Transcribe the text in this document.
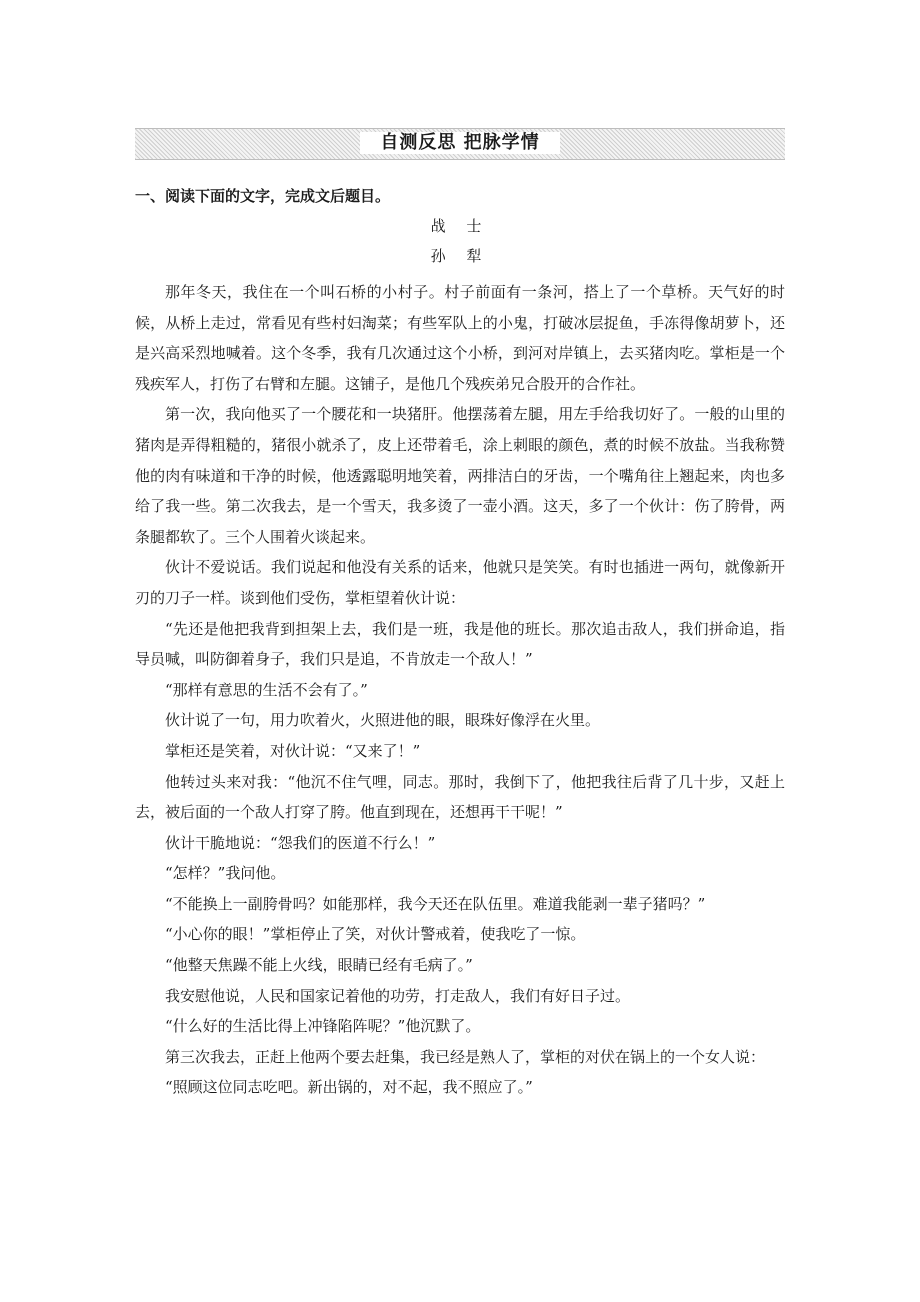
自测反思 把脉学情
一、阅读下面的文字，完成文后题目。
战 士
孙 犁

那年冬天，我住在一个叫石桥的小村子。村子前面有一条河，搭上了一个草桥。天气好的时候，从桥上走过，常看见有些村妇淘菜；有些军队上的小鬼，打破冰层捉鱼，手冻得像胡萝卜，还是兴高采烈地喊着。这个冬季，我有几次通过这个小桥，到河对岸镇上，去买猪肉吃。掌柜是一个残疾军人，打伤了右臂和左腿。这铺子，是他几个残疾弟兄合股开的合作社。

第一次，我向他买了一个腰花和一块猪肝。他摆荡着左腿，用左手给我切好了。一般的山里的猪肉是弄得粗糙的，猪很小就杀了，皮上还带着毛，涂上刺眼的颜色，煮的时候不放盐。当我称赞他的肉有味道和干净的时候，他透露聪明地笑着，两排洁白的牙齿，一个嘴角往上翘起来，肉也多给了我一些。第二次我去，是一个雪天，我多烫了一壶小酒。这天，多了一个伙计：伤了胯骨，两条腿都软了。三个人围着火谈起来。

伙计不爱说话。我们说起和他没有关系的话来，他就只是笑笑。有时也插进一两句，就像新开刃的刀子一样。谈到他们受伤，掌柜望着伙计说：

“先还是他把我背到担架上去，我们是一班，我是他的班长。那次追击敌人，我们拼命追，指导员喊，叫防御着身子，我们只是追，不肯放走一个敌人！”

“那样有意思的生活不会有了。”

伙计说了一句，用力吹着火，火照进他的眼，眼珠好像浮在火里。

掌柜还是笑着，对伙计说：“又来了！”

他转过头来对我：“他沉不住气哩，同志。那时，我倒下了，他把我往后背了几十步，又赶上去，被后面的一个敌人打穿了胯。他直到现在，还想再干干呢！”

伙计干脆地说：“怨我们的医道不行么！”

“怎样？”我问他。

“不能换上一副胯骨吗？如能那样，我今天还在队伍里。难道我能剥一辈子猪吗？”

“小心你的眼！”掌柜停止了笑，对伙计警戒着，使我吃了一惊。

“他整天焦躁不能上火线，眼睛已经有毛病了。”

我安慰他说，人民和国家记着他的功劳，打走敌人，我们有好日子过。

“什么好的生活比得上冲锋陷阵呢？”他沉默了。

第三次我去，正赶上他两个要去赶集，我已经是熟人了，掌柜的对伏在锅上的一个女人说：

“照顾这位同志吃吧。新出锅的，对不起，我不照应了。”
